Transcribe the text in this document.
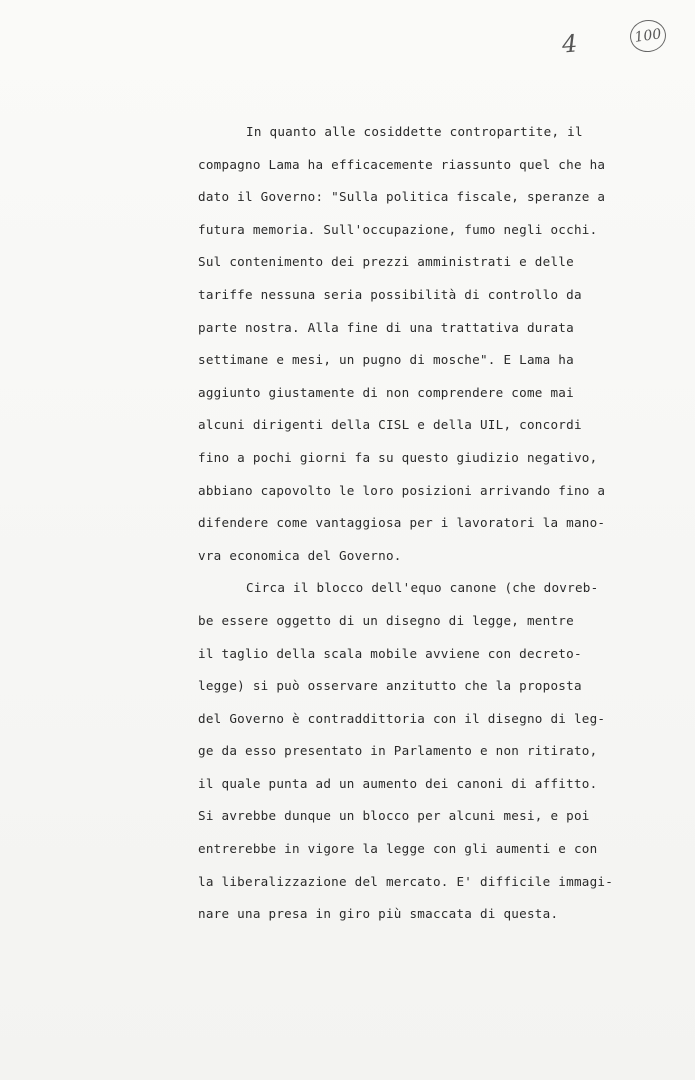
4	100
In quanto alle cosiddette contropartite, il
compagno Lama ha efficacemente riassunto quel che ha
dato il Governo: "Sulla politica fiscale, speranze a
futura memoria. Sull'occupazione, fumo negli occhi.
Sul contenimento dei prezzi amministrati e delle
tariffe nessuna seria possibilità di controllo da
parte nostra. Alla fine di una trattativa durata
settimane e mesi, un pugno di mosche". E Lama ha
aggiunto giustamente di non comprendere come mai
alcuni dirigenti della CISL e della UIL, concordi
fino a pochi giorni fa su questo giudizio negativo,
abbiano capovolto le loro posizioni arrivando fino a
difendere come vantaggiosa per i lavoratori la mano-
vra economica del Governo.
Circa il blocco dell'equo canone (che dovreb-
be essere oggetto di un disegno di legge, mentre
il taglio della scala mobile avviene con decreto-
legge) si può osservare anzitutto che la proposta
del Governo è contraddittoria con il disegno di leg-
ge da esso presentato in Parlamento e non ritirato,
il quale punta ad un aumento dei canoni di affitto.
Si avrebbe dunque un blocco per alcuni mesi, e poi
entrerebbe in vigore la legge con gli aumenti e con
la liberalizzazione del mercato. E' difficile immagi-
nare una presa in giro più smaccata di questa.
